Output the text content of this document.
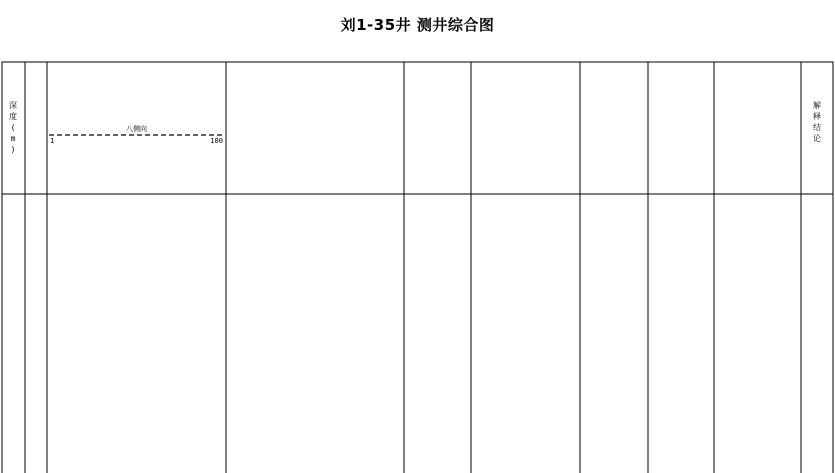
刘1-35井 测井综合图
深
度
(
m
)
解
释
结
论
八侧向
1	100
